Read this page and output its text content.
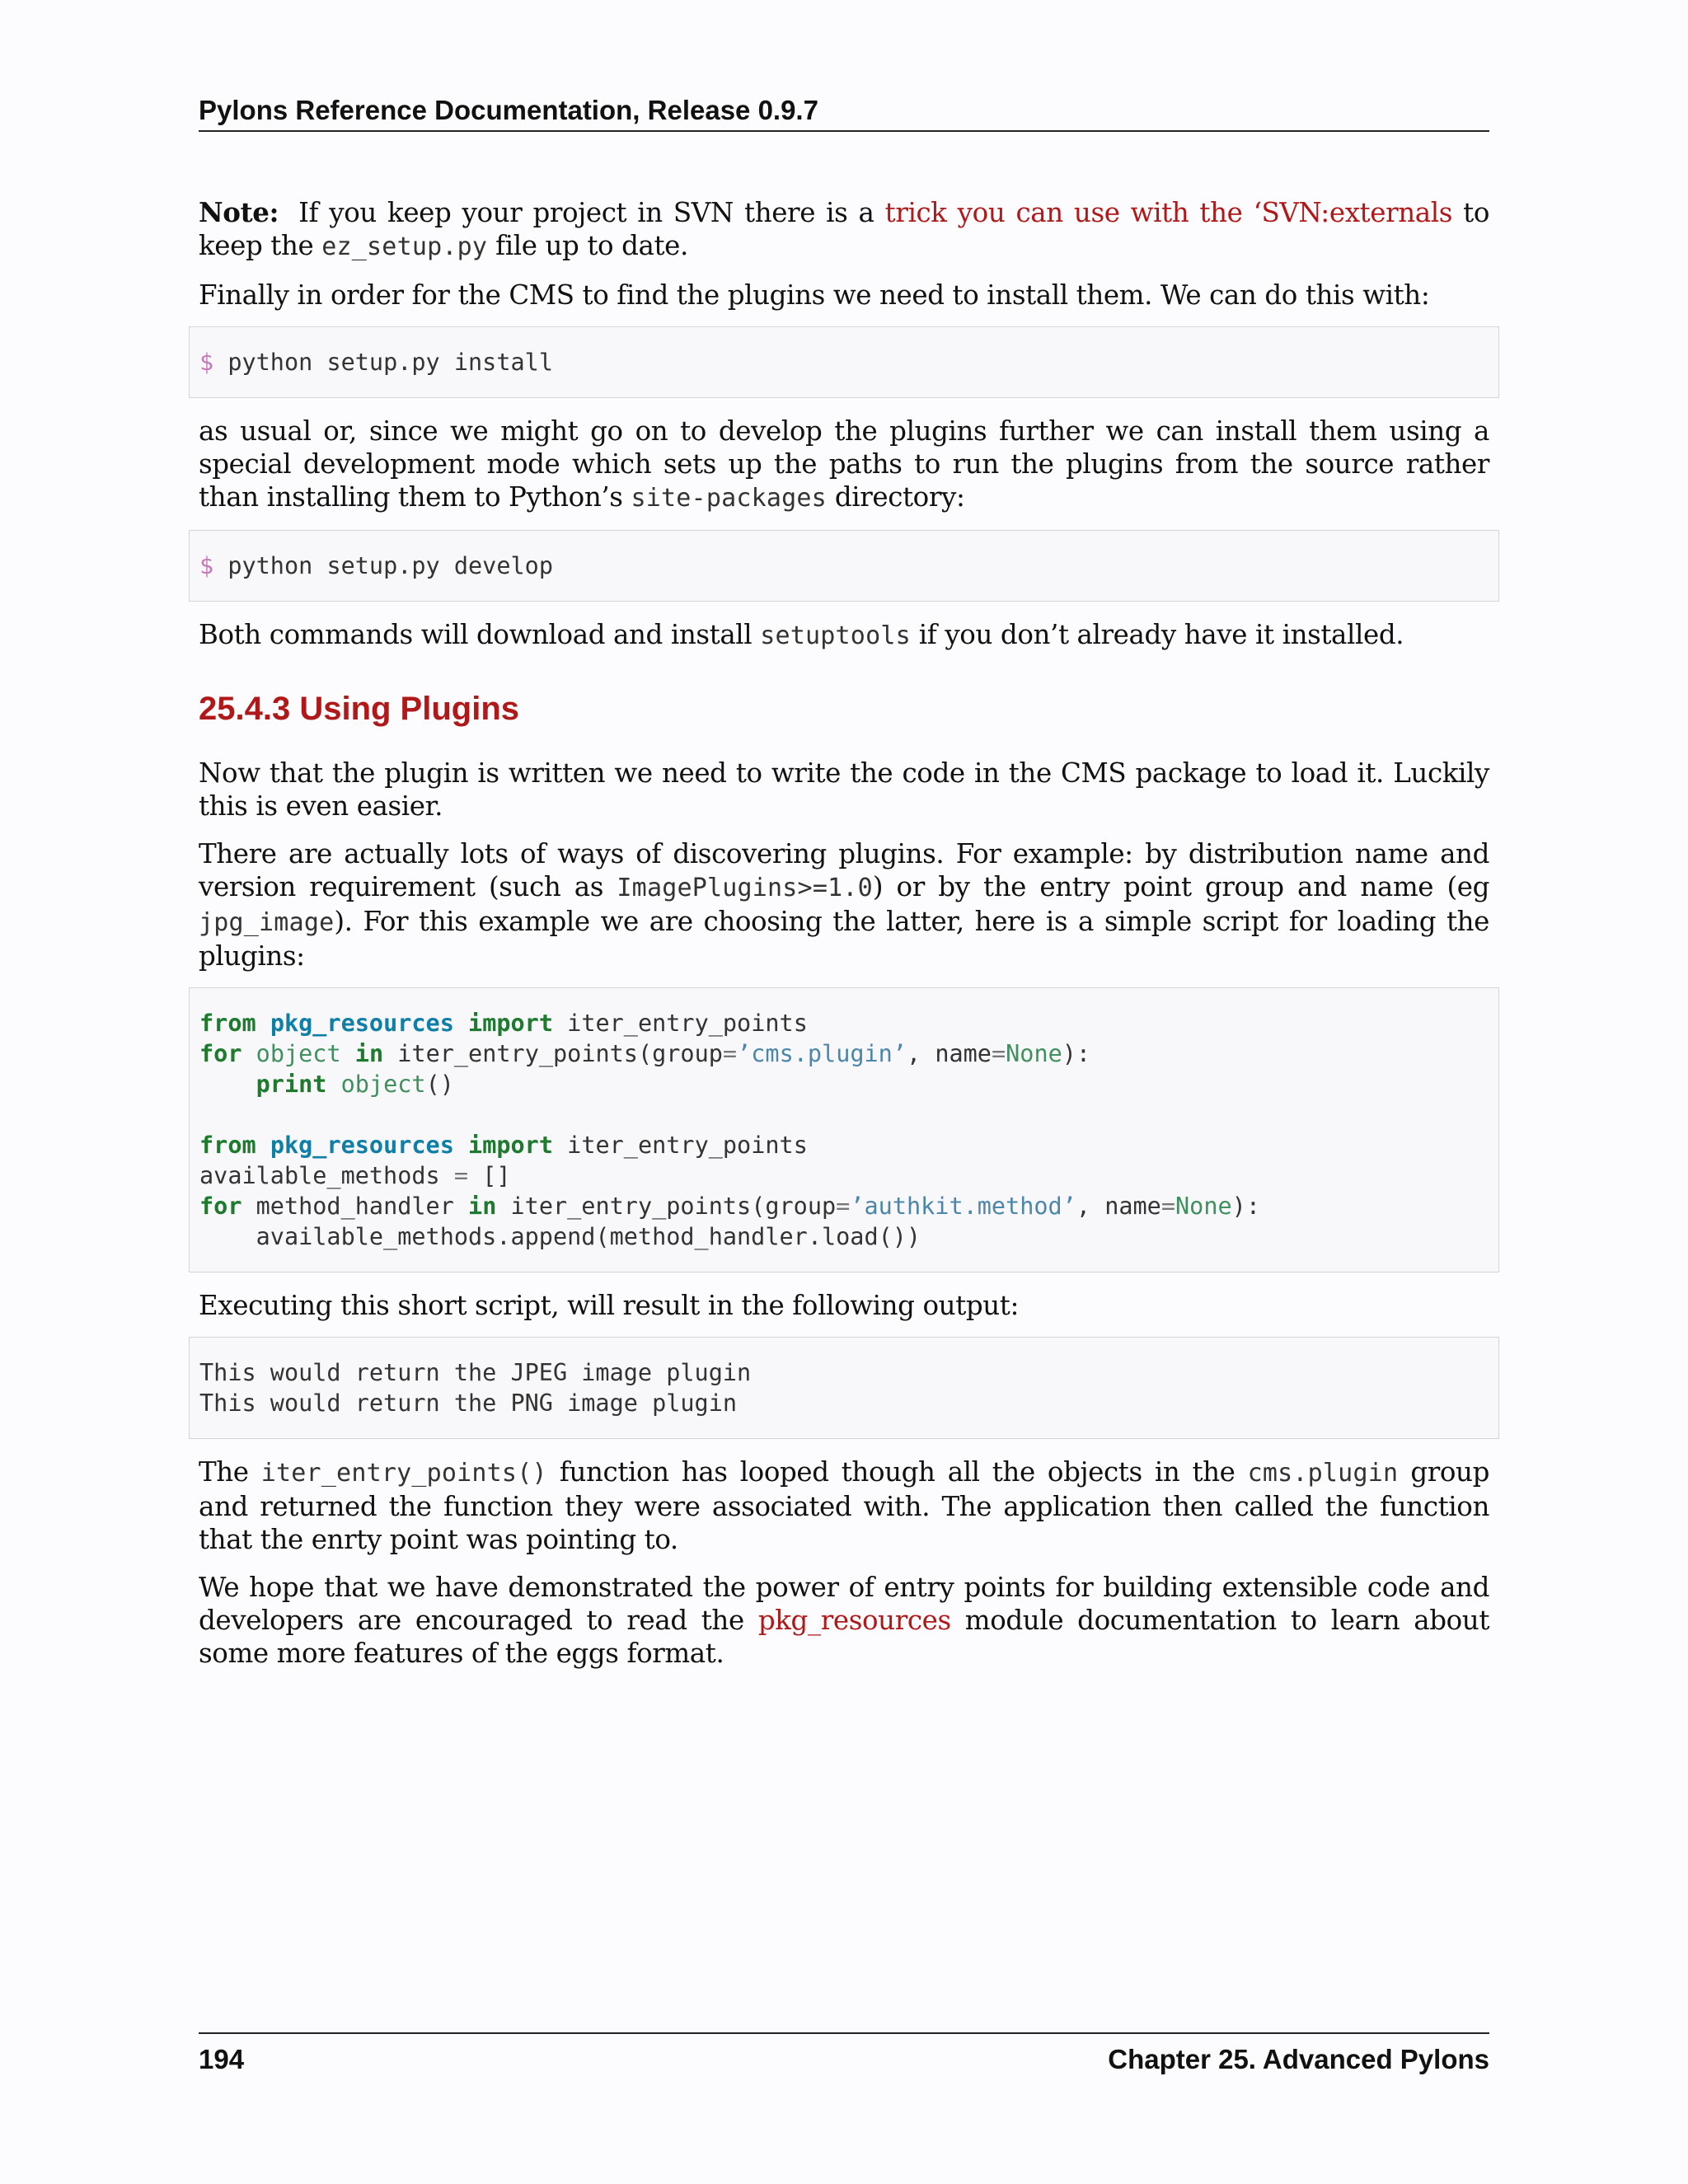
Pylons Reference Documentation, Release 0.9.7

Note: If you keep your project in SVN there is a trick you can use with the ‘SVN:externals to keep the ez_setup.py file up to date.

Finally in order for the CMS to find the plugins we need to install them. We can do this with:

$ python setup.py install

as usual or, since we might go on to develop the plugins further we can install them using a special development mode which sets up the paths to run the plugins from the source rather than installing them to Python’s site-packages directory:

$ python setup.py develop

Both commands will download and install setuptools if you don’t already have it installed.

25.4.3 Using Plugins

Now that the plugin is written we need to write the code in the CMS package to load it. Luckily this is even easier.

There are actually lots of ways of discovering plugins. For example: by distribution name and version requirement (such as ImagePlugins>=1.0) or by the entry point group and name (eg jpg_image). For this example we are choosing the latter, here is a simple script for loading the plugins:

from pkg_resources import iter_entry_points
for object in iter_entry_points(group=’cms.plugin’, name=None):
print object()

from pkg_resources import iter_entry_points
available_methods = []
for method_handler in iter_entry_points(group=’authkit.method’, name=None):
available_methods.append(method_handler.load())

Executing this short script, will result in the following output:

This would return the JPEG image plugin
This would return the PNG image plugin

The iter_entry_points() function has looped though all the objects in the cms.plugin group and returned the function they were associated with. The application then called the function that the enrty point was pointing to.

We hope that we have demonstrated the power of entry points for building extensible code and developers are encouraged to read the pkg_resources module documentation to learn about some more features of the eggs format.

194	Chapter 25. Advanced Pylons
